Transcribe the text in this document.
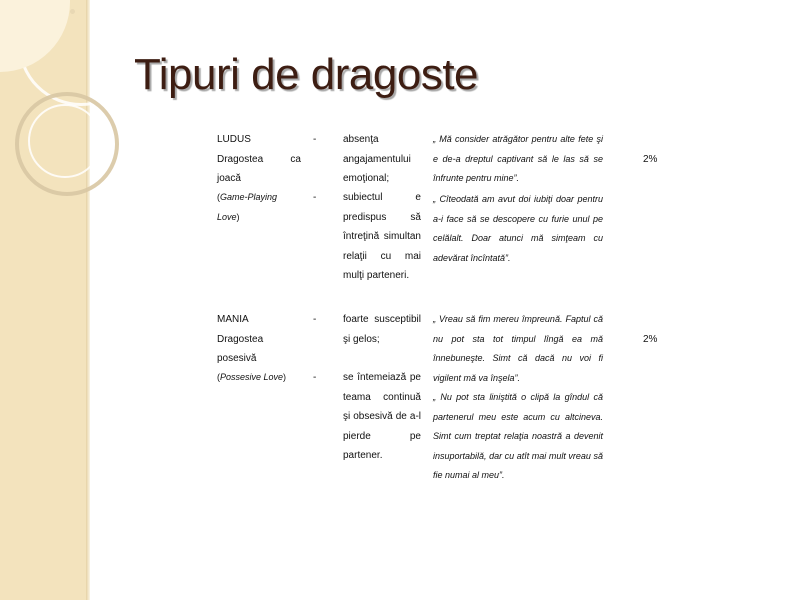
Tipuri de dragoste
LUDUS
Dragostea ca
joacă
(Game-Playing
Love)
-
-
absenţa angajamentului emoţional;
subiectul e predispus să întreţină simultan relaţii cu mai mulţi parteneri.
„ Mă consider atrăgător pentru alte fete şi e de-a dreptul captivant să le las să se înfrunte pentru mine”.
„ Cîteodată am avut doi iubiţi doar pentru a-i face să se descopere cu furie unul pe celălalt. Doar atunci mă simţeam cu adevărat încîntată”.
2%
MANIA
Dragostea
posesivă
(Possesive Love)
-
-
foarte susceptibil şi gelos;
se întemeiază pe teama continuă şi obsesivă de a-l pierde pe partener.
„ Vreau să fim mereu împreună. Faptul că nu pot sta tot timpul lîngă ea mă înnebuneşte. Simt că dacă nu voi fi vigilent mă va înşela”.
„ Nu pot sta liniştită o clipă la gîndul că partenerul meu este acum cu altcineva. Simt cum treptat relaţia noastră a devenit insuportabilă, dar cu atît mai mult vreau să fie numai al meu”.
2%
